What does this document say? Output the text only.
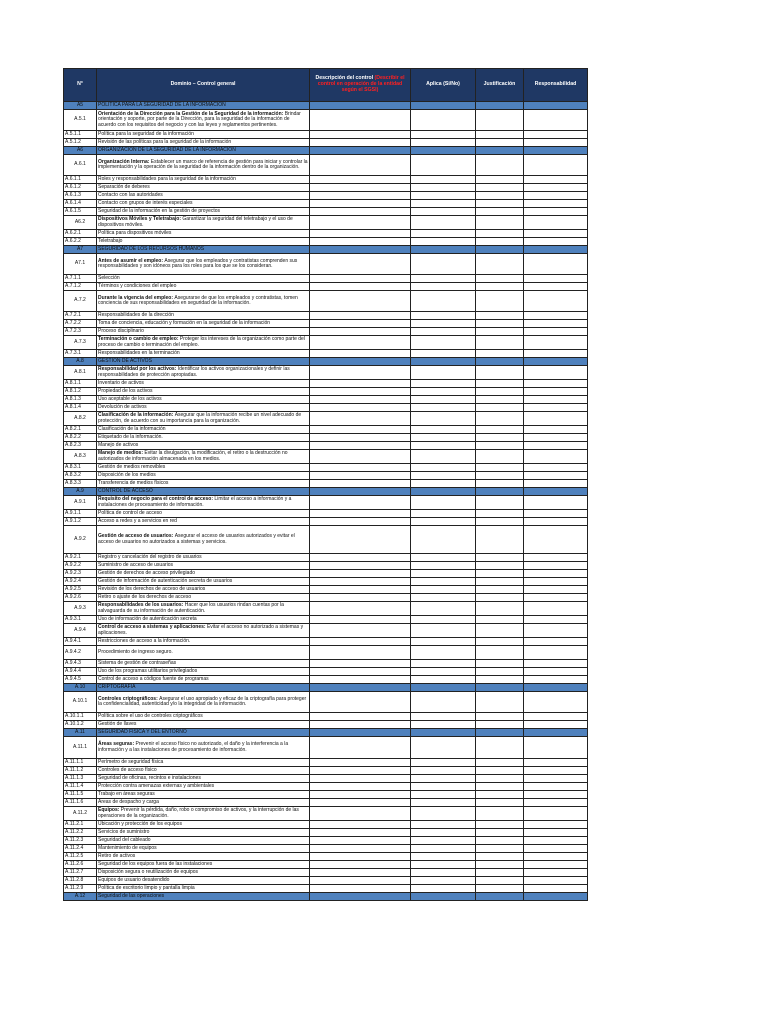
N°	Dominio – Control general	Descripción del control (Describir el control en operación de la entidad según el SGSI)	Aplica (Si/No)	Justificación	Responsabilidad
A5	POLÍTICA PARA LA SEGURIDAD DE LA INFORMACIÓN				
A.5.1	Orientación de la Dirección para la Gestión de la Seguridad de la información: Brindar orientación y soporte, por parte de la Dirección, para la seguridad de la información de acuerdo con los requisitos del negocio y con las leyes y reglamentos pertinentes.				
A.5.1.1	Política para la seguridad de la información				
A.5.1.2	Revisión de las políticas para la seguridad de la información				
A6	ORGANIZACIÓN DE LA SEGURIDAD DE LA INFORMACIÓN				
A.6.1	Organización Interna: Establecer un marco de referencia de gestión para iniciar y controlar la implementación y la operación de la seguridad de la información dentro de la organización.				
A.6.1.1	Roles y responsabilidades para la seguridad de la información				
A.6.1.2	Separación de deberes				
A.6.1.3	Contacto con las autoridades				
A.6.1.4	Contacto con grupos de interés especiales				
A.6.1.5	Seguridad de la información en la gestión de proyectos				
A6.2	Dispositivos Móviles y Teletrabajo: Garantizar la seguridad del teletrabajo y el uso de dispositivos móviles.				
A.6.2.1	Política para dispositivos móviles				
A.6.2.2	Teletrabajo				
A7	SEGURIDAD DE LOS RECURSOS HUMANOS				
A7.1	Antes de asumir el empleo: Asegurar que los empleados y contratistas comprenden sus responsabilidades y son idóneos para los roles para los que se los consideran.				
A.7.1.1	Selección				
A.7.1.2	Términos y condiciones del empleo				
A.7.2	Durante la vigencia del empleo: Asegurarse de que los empleados y contratistas, tomen conciencia de sus responsabilidades en seguridad de la información.				
A.7.2.1	Responsabilidades de la dirección				
A.7.2.2	Toma de conciencia, educación y formación en la seguridad de la información				
A.7.2.3	Proceso disciplinario				
A.7.3	Terminación o cambio de empleo: Proteger los intereses de la organización como parte del proceso de cambio o terminación del empleo.				
A.7.3.1	Responsabilidades en la terminación				
A.8	GESTIÓN DE ACTIVOS				
A.8.1	Responsabilidad por los activos: Identificar los activos organizacionales y definir las responsabilidades de protección apropiadas.				
A.8.1.1	Inventario de activos				
A.8.1.2	Propiedad de los activos				
A.8.1.3	Uso aceptable de los activos				
A.8.1.4	Devolución de activos				
A.8.2	Clasificación de la información: Asegurar que la información recibe un nivel adecuado de protección, de acuerdo con su importancia para la organización.				
A.8.2.1	Clasificación de la información				
A.8.2.2	Etiquetado de la información.				
A.8.2.3	Manejo de activos				
A.8.3	Manejo de medios: Evitar la divulgación, la modificación, el retiro o la destrucción no autorizados de información almacenada en los medios.				
A.8.3.1	Gestión de medios removibles				
A.8.3.2	Disposición de los medios				
A.8.3.3	Transferencia de medios físicos				
A.9	CONTROL DE ACCESO				
A.9.1	Requisito del negocio para el control de acceso: Limitar el acceso a información y a instalaciones de procesamiento de información.				
A.9.1.1	Política de control de acceso				
A.9.1.2	Acceso a redes y a servicios en red				
A.9.2	Gestión de acceso de usuarios: Asegurar el acceso de usuarios autorizados y evitar el acceso de usuarios no autorizados a sistemas y servicios.				
A.9.2.1	Registro y cancelación del registro de usuarios				
A.9.2.2	Suministro de acceso de usuarios				
A.9.2.3	Gestión de derechos de acceso privilegiado				
A.9.2.4	Gestión de información de autenticación secreta de usuarios				
A.9.2.5	Revisión de los derechos de acceso de usuarios				
A.9.2.6	Retiro o ajuste de los derechos de acceso				
A.9.3	Responsabilidades de los usuarios: Hacer que los usuarios rindan cuentas por la salvaguarda de su información de autenticación.				
A.9.3.1	Uso de información de autenticación secreta				
A.9.4	Control de acceso a sistemas y aplicaciones: Evitar el acceso no autorizado a sistemas y aplicaciones.				
A.9.4.1	Restricciones de acceso a la información.				
A.9.4.2	Procedimiento de ingreso seguro.				
A.9.4.3	Sistema de gestión de contraseñas				
A.9.4.4	Uso de los programas utilitarios privilegiados				
A.9.4.5	Control de acceso a códigos fuente de programas				
A.10	CRIPTOGRAFÍA				
A.10.1	Controles criptográficos: Asegurar el uso apropiado y eficaz de la criptografía para proteger la confidencialidad, autenticidad y/o la integridad de la información.				
A.10.1.1	Política sobre el uso de controles criptográficos				
A.10.1.2	Gestión de llaves				
A.11	SEGURIDAD FÍSICA Y DEL ENTORNO				
A.11.1	Áreas seguras: Prevenir el acceso físico no autorizado, el daño y la interferencia a la información y a las instalaciones de procesamiento de información.				
A.11.1.1	Perímetro de seguridad física				
A.11.1.2	Controles de acceso físico				
A.11.1.3	Seguridad de oficinas, recintos e instalaciones				
A.11.1.4	Protección contra amenazas externas y ambientales				
A.11.1.5	Trabajo en áreas seguras				
A.11.1.6	Áreas de despacho y carga				
A.11.2	Equipos: Prevenir la pérdida, daño, robo o compromiso de activos, y la interrupción de las operaciones de la organización.				
A.11.2.1	Ubicación y protección de los equipos				
A.11.2.2	Servicios de suministro				
A.11.2.3	Seguridad del cableado				
A.11.2.4	Mantenimiento de equipos				
A.11.2.5	Retiro de activos				
A.11.2.6	Seguridad de los equipos fuera de las instalaciones				
A.11.2.7	Disposición segura o reutilización de equipos				
A.11.2.8	Equipos de usuario desatendido				
A.11.2.9	Política de escritorio limpio y pantalla limpia				
A.12	Seguridad de las operaciones				
